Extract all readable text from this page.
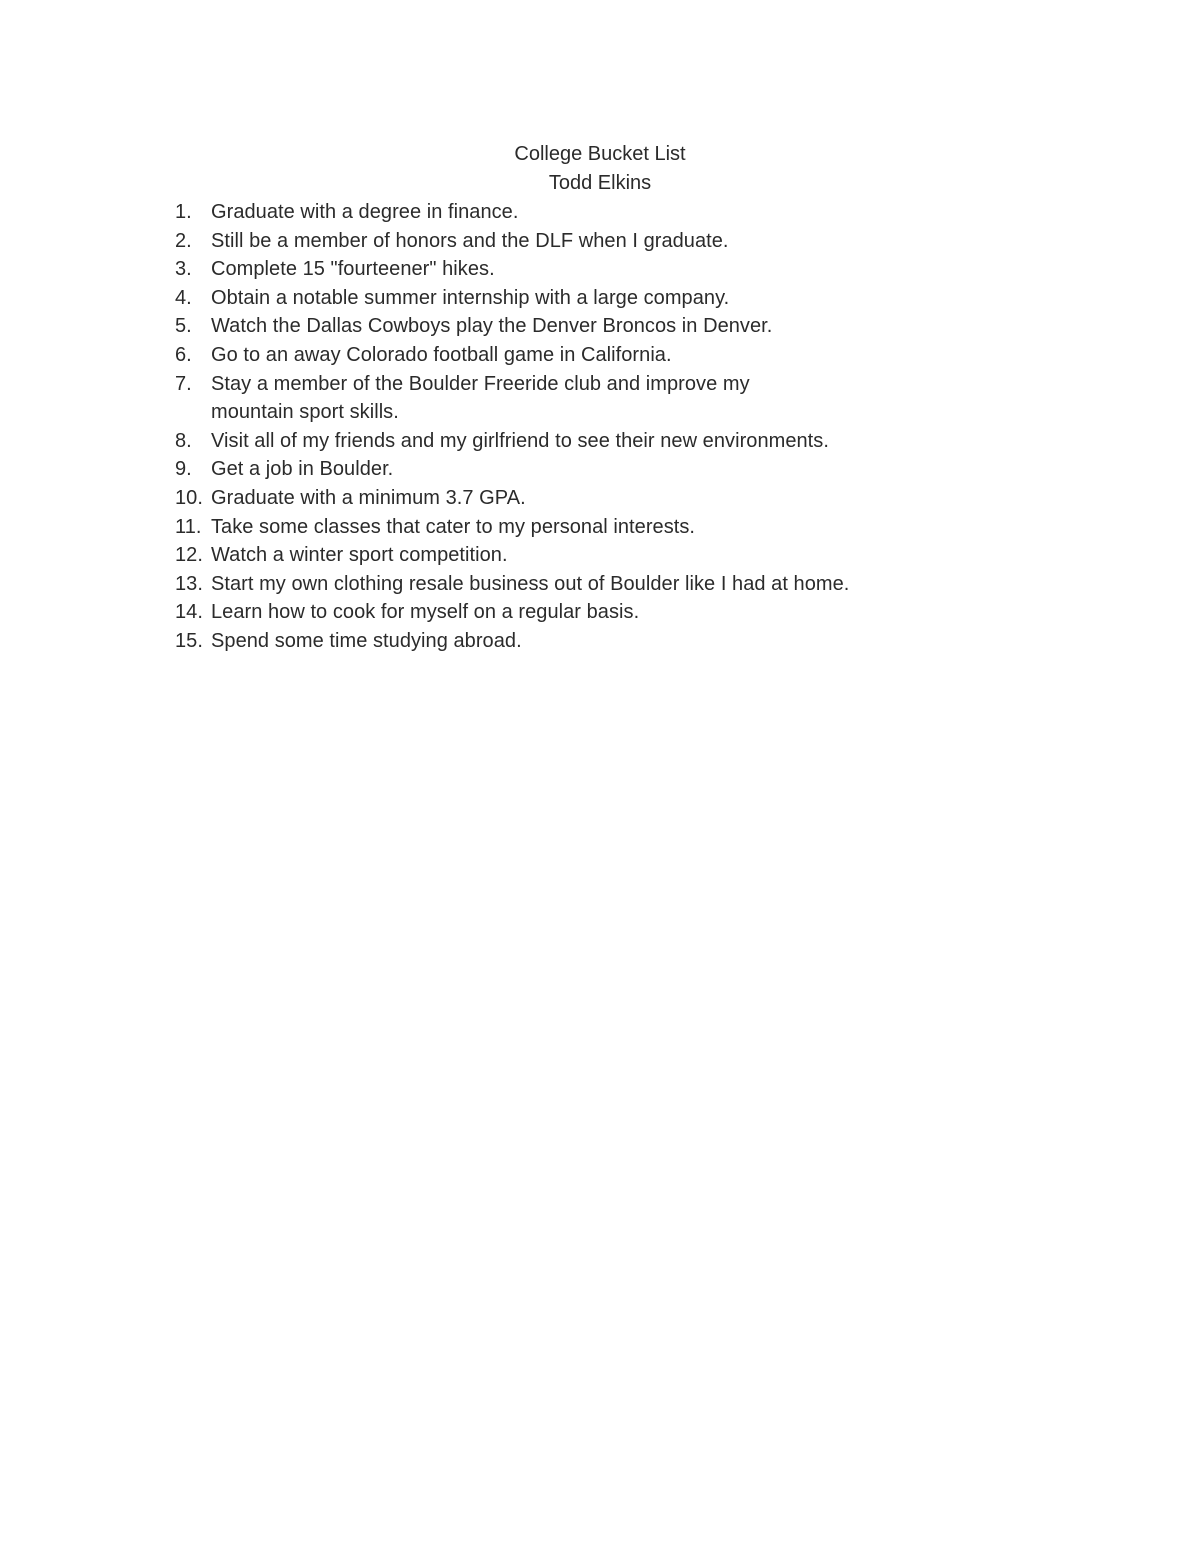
College Bucket List
Todd Elkins
1. Graduate with a degree in finance.
2. Still be a member of honors and the DLF when I graduate.
3. Complete 15 "fourteener" hikes.
4. Obtain a notable summer internship with a large company.
5. Watch the Dallas Cowboys play the Denver Broncos in Denver.
6. Go to an away Colorado football game in California.
7. Stay a member of the Boulder Freeride club and improve my mountain sport skills.
8. Visit all of my friends and my girlfriend to see their new environments.
9. Get a job in Boulder.
10. Graduate with a minimum 3.7 GPA.
11. Take some classes that cater to my personal interests.
12. Watch a winter sport competition.
13. Start my own clothing resale business out of Boulder like I had at home.
14. Learn how to cook for myself on a regular basis.
15. Spend some time studying abroad.
